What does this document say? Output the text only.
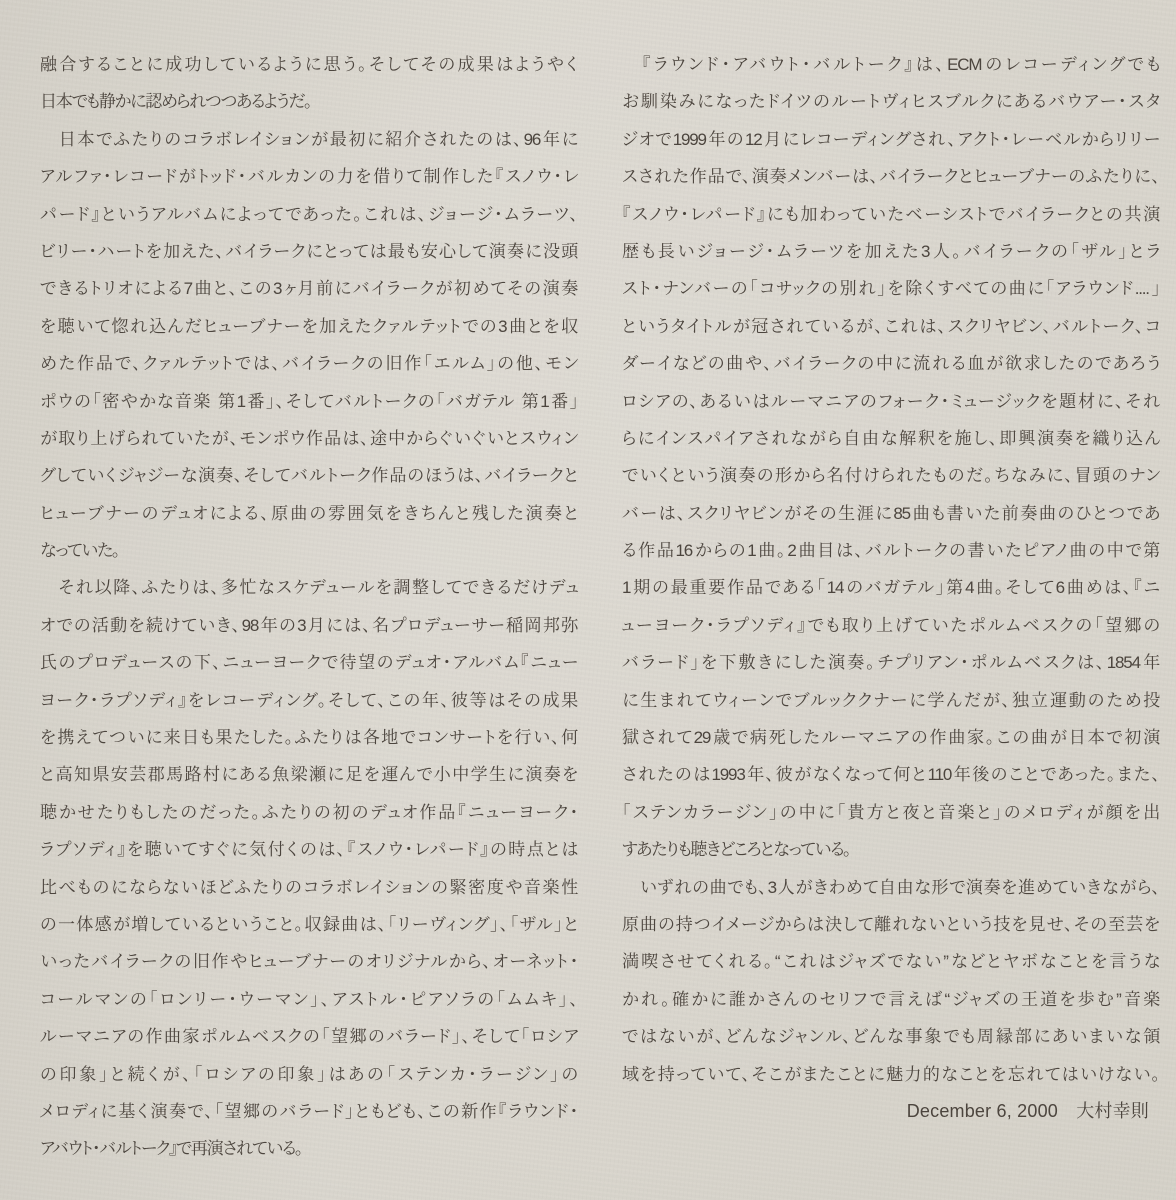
融合することに成功しているように思う。そしてその成果はようやく
日本でも静かに認められつつあるようだ。
　日本でふたりのコラボレイションが最初に紹介されたのは、96年に
アルファ・レコードがトッド・バルカンの力を借りて制作した『スノウ・レ
パード』というアルバムによってであった。これは、ジョージ・ムラーツ、
ビリー・ハートを加えた、バイラークにとっては最も安心して演奏に没頭
できるトリオによる7曲と、この3ヶ月前にバイラークが初めてその演奏
を聴いて惚れ込んだヒューブナーを加えたクァルテットでの3曲とを収
めた作品で、クァルテットでは、バイラークの旧作「エルム」の他、モン
ポウの「密やかな音楽 第1番」、そしてバルトークの「バガテル 第1番」
が取り上げられていたが、モンポウ作品は、途中からぐいぐいとスウィン
グしていくジャジーな演奏、そしてバルトーク作品のほうは、バイラークと
ヒューブナーのデュオによる、原曲の雰囲気をきちんと残した演奏と
なっていた。
　それ以降、ふたりは、多忙なスケデュールを調整してできるだけデュ
オでの活動を続けていき、98年の3月には、名プロデューサー稲岡邦弥
氏のプロデュースの下、ニューヨークで待望のデュオ・アルバム『ニュー
ヨーク・ラプソディ』をレコーディング。そして、この年、彼等はその成果
を携えてついに来日も果たした。ふたりは各地でコンサートを行い、何
と高知県安芸郡馬路村にある魚梁瀬に足を運んで小中学生に演奏を
聴かせたりもしたのだった。ふたりの初のデュオ作品『ニューヨーク・
ラプソディ』を聴いてすぐに気付くのは、『スノウ・レパード』の時点とは
比べものにならないほどふたりのコラボレイションの緊密度や音楽性
の一体感が増しているということ。収録曲は、「リーヴィング」、「ザル」と
いったバイラークの旧作やヒューブナーのオリジナルから、オーネット・
コールマンの「ロンリー・ウーマン」、アストル・ピアソラの「ムムキ」、
ルーマニアの作曲家ポルムベスクの「望郷のバラード」、そして「ロシア
の印象」と続くが、「ロシアの印象」はあの「ステンカ・ラージン」の
メロディに基く演奏で、「望郷のバラード」ともども、この新作『ラウンド・
アバウト・バルトーク』で再演されている。
　『ラウンド・アバウト・バルトーク』は、ECMのレコーディングでも
お馴染みになったドイツのルートヴィヒスブルクにあるバウアー・スタ
ジオで1999年の12月にレコーディングされ、アクト・レーベルからリリー
スされた作品で、演奏メンバーは、バイラークとヒューブナーのふたりに、
『スノウ・レパード』にも加わっていたベーシストでバイラークとの共演
歴も長いジョージ・ムラーツを加えた3人。バイラークの「ザル」とラ
スト・ナンバーの「コサックの別れ」を除くすべての曲に「アラウンド....」
というタイトルが冠されているが、これは、スクリヤビン、バルトーク、コ
ダーイなどの曲や、バイラークの中に流れる血が欲求したのであろう
ロシアの、あるいはルーマニアのフォーク・ミュージックを題材に、それ
らにインスパイアされながら自由な解釈を施し、即興演奏を織り込ん
でいくという演奏の形から名付けられたものだ。ちなみに、冒頭のナン
バーは、スクリヤビンがその生涯に85曲も書いた前奏曲のひとつであ
る作品16からの1曲。2曲目は、バルトークの書いたピアノ曲の中で第
1期の最重要作品である「14のバガテル」第4曲。そして6曲めは、『ニ
ューヨーク・ラプソディ』でも取り上げていたポルムベスクの「望郷の
バラード」を下敷きにした演奏。チプリアン・ポルムベスクは、1854年
に生まれてウィーンでブルッククナーに学んだが、独立運動のため投
獄されて29歳で病死したルーマニアの作曲家。この曲が日本で初演
されたのは1993年、彼がなくなって何と110年後のことであった。また、
「ステンカラージン」の中に「貴方と夜と音楽と」のメロディが顔を出
すあたりも聴きどころとなっている。
　いずれの曲でも、3人がきわめて自由な形で演奏を進めていきながら、
原曲の持つイメージからは決して離れないという技を見せ、その至芸を
満喫させてくれる。“これはジャズでない”などとヤボなことを言うな
かれ。確かに誰かさんのセリフで言えば“ジャズの王道を歩む”音楽
ではないが、どんなジャンル、どんな事象でも周縁部にあいまいな領
域を持っていて、そこがまたことに魅力的なことを忘れてはいけない。
December 6, 2000　大村幸則
